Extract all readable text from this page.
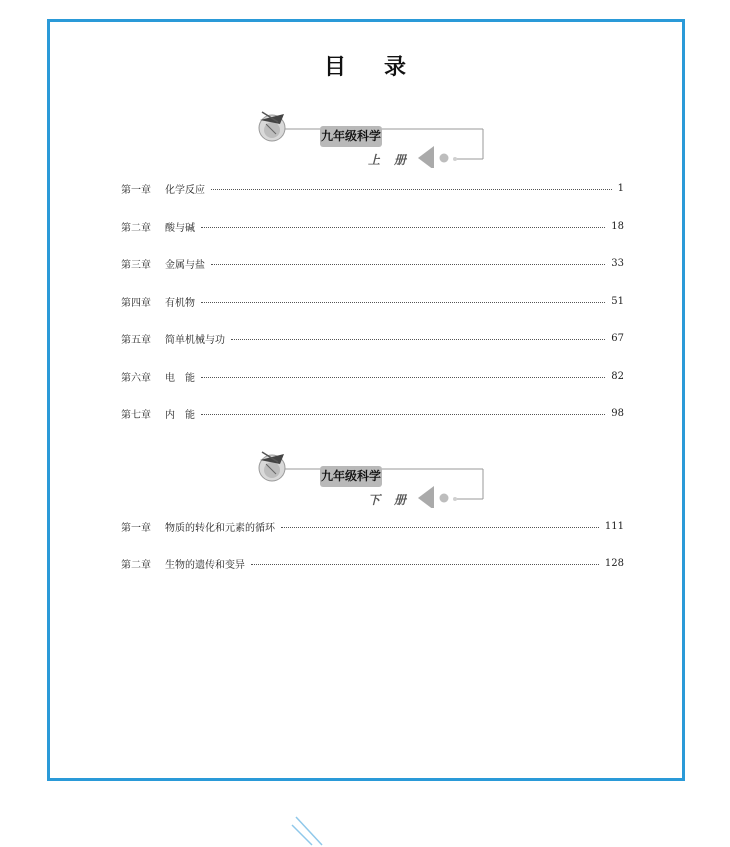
目录
九年级科学
上册
第一章	化学反应	1
第二章	酸与碱	18
第三章	金属与盐	33
第四章	有机物	51
第五章	简单机械与功	67
第六章	电　能	82
第七章	内　能	98
九年级科学
下册
第一章	物质的转化和元素的循环	111
第二章	生物的遗传和变异	128
